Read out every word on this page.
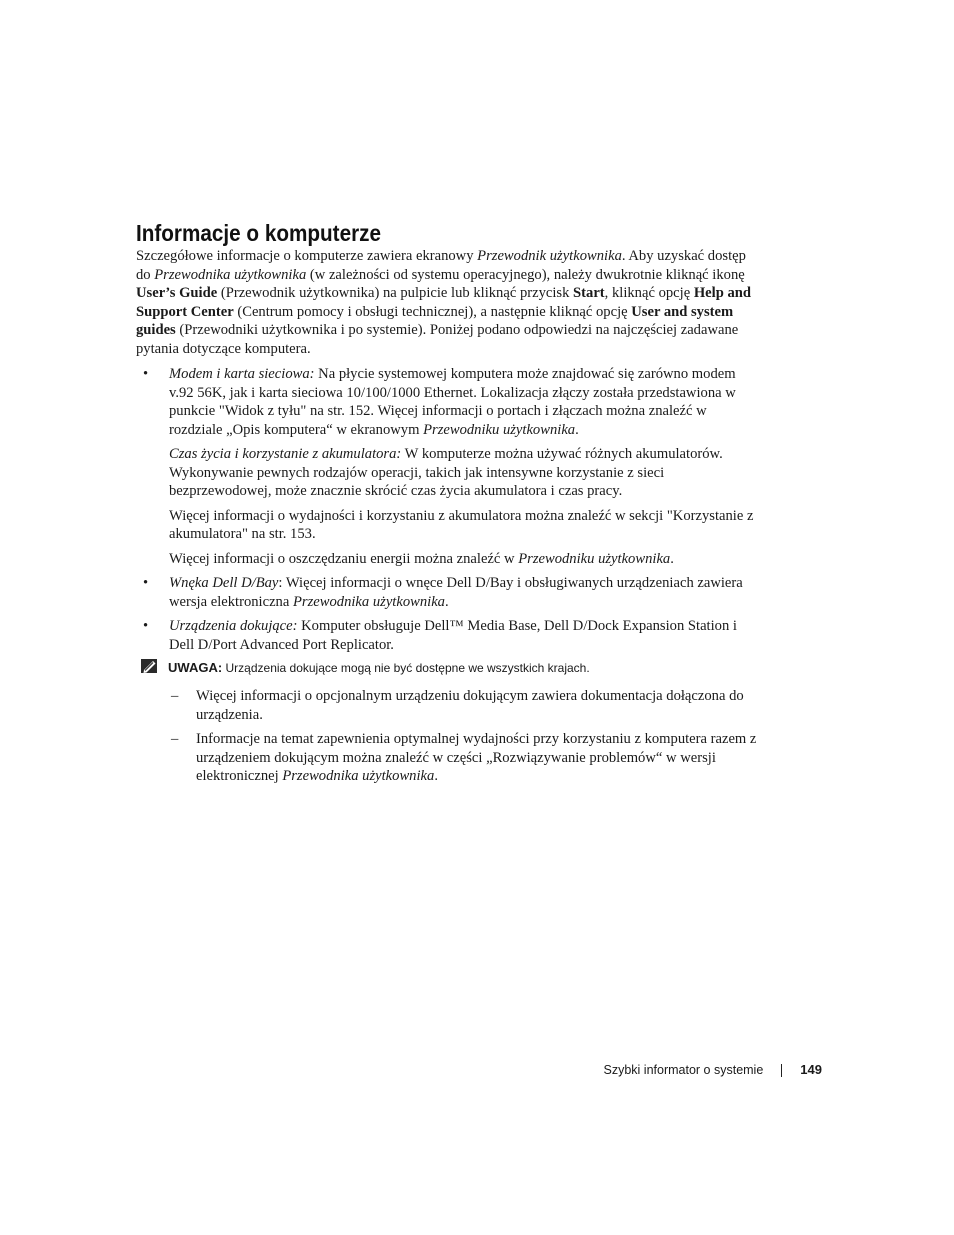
Informacje o komputerze

Szczegółowe informacje o komputerze zawiera ekranowy Przewodnik użytkownika. Aby uzyskać dostęp do Przewodnika użytkownika (w zależności od systemu operacyjnego), należy dwukrotnie kliknąć ikonę User’s Guide (Przewodnik użytkownika) na pulpicie lub kliknąć przycisk Start, kliknąć opcję Help and Support Center (Centrum pomocy i obsługi technicznej), a następnie kliknąć opcję User and system guides (Przewodniki użytkownika i po systemie). Poniżej podano odpowiedzi na najczęściej zadawane pytania dotyczące komputera.

• Modem i karta sieciowa: Na płycie systemowej komputera może znajdować się zarówno modem v.92 56K, jak i karta sieciowa 10/100/1000 Ethernet. Lokalizacja złączy została przedstawiona w punkcie "Widok z tyłu" na str. 152. Więcej informacji o portach i złączach można znaleźć w rozdziale „Opis komputera“ w ekranowym Przewodniku użytkownika.

Czas życia i korzystanie z akumulatora: W komputerze można używać różnych akumulatorów. Wykonywanie pewnych rodzajów operacji, takich jak intensywne korzystanie z sieci bezprzewodowej, może znacznie skrócić czas życia akumulatora i czas pracy.

Więcej informacji o wydajności i korzystaniu z akumulatora można znaleźć w sekcji "Korzystanie z akumulatora" na str. 153.

Więcej informacji o oszczędzaniu energii można znaleźć w Przewodniku użytkownika.

• Wnęka Dell D/Bay: Więcej informacji o wnęce Dell D/Bay i obsługiwanych urządzeniach zawiera wersja elektroniczna Przewodnika użytkownika.

• Urządzenia dokujące: Komputer obsługuje Dell™ Media Base, Dell D/Dock Expansion Station i Dell D/Port Advanced Port Replicator.

UWAGA: Urządzenia dokujące mogą nie być dostępne we wszystkich krajach.
– Więcej informacji o opcjonalnym urządzeniu dokującym zawiera dokumentacja dołączona do urządzenia.

– Informacje na temat zapewnienia optymalnej wydajności przy korzystaniu z komputera razem z urządzeniem dokującym można znaleźć w części „Rozwiązywanie problemów“ w wersji elektronicznej Przewodnika użytkownika.

Szybki informator o systemie	149
